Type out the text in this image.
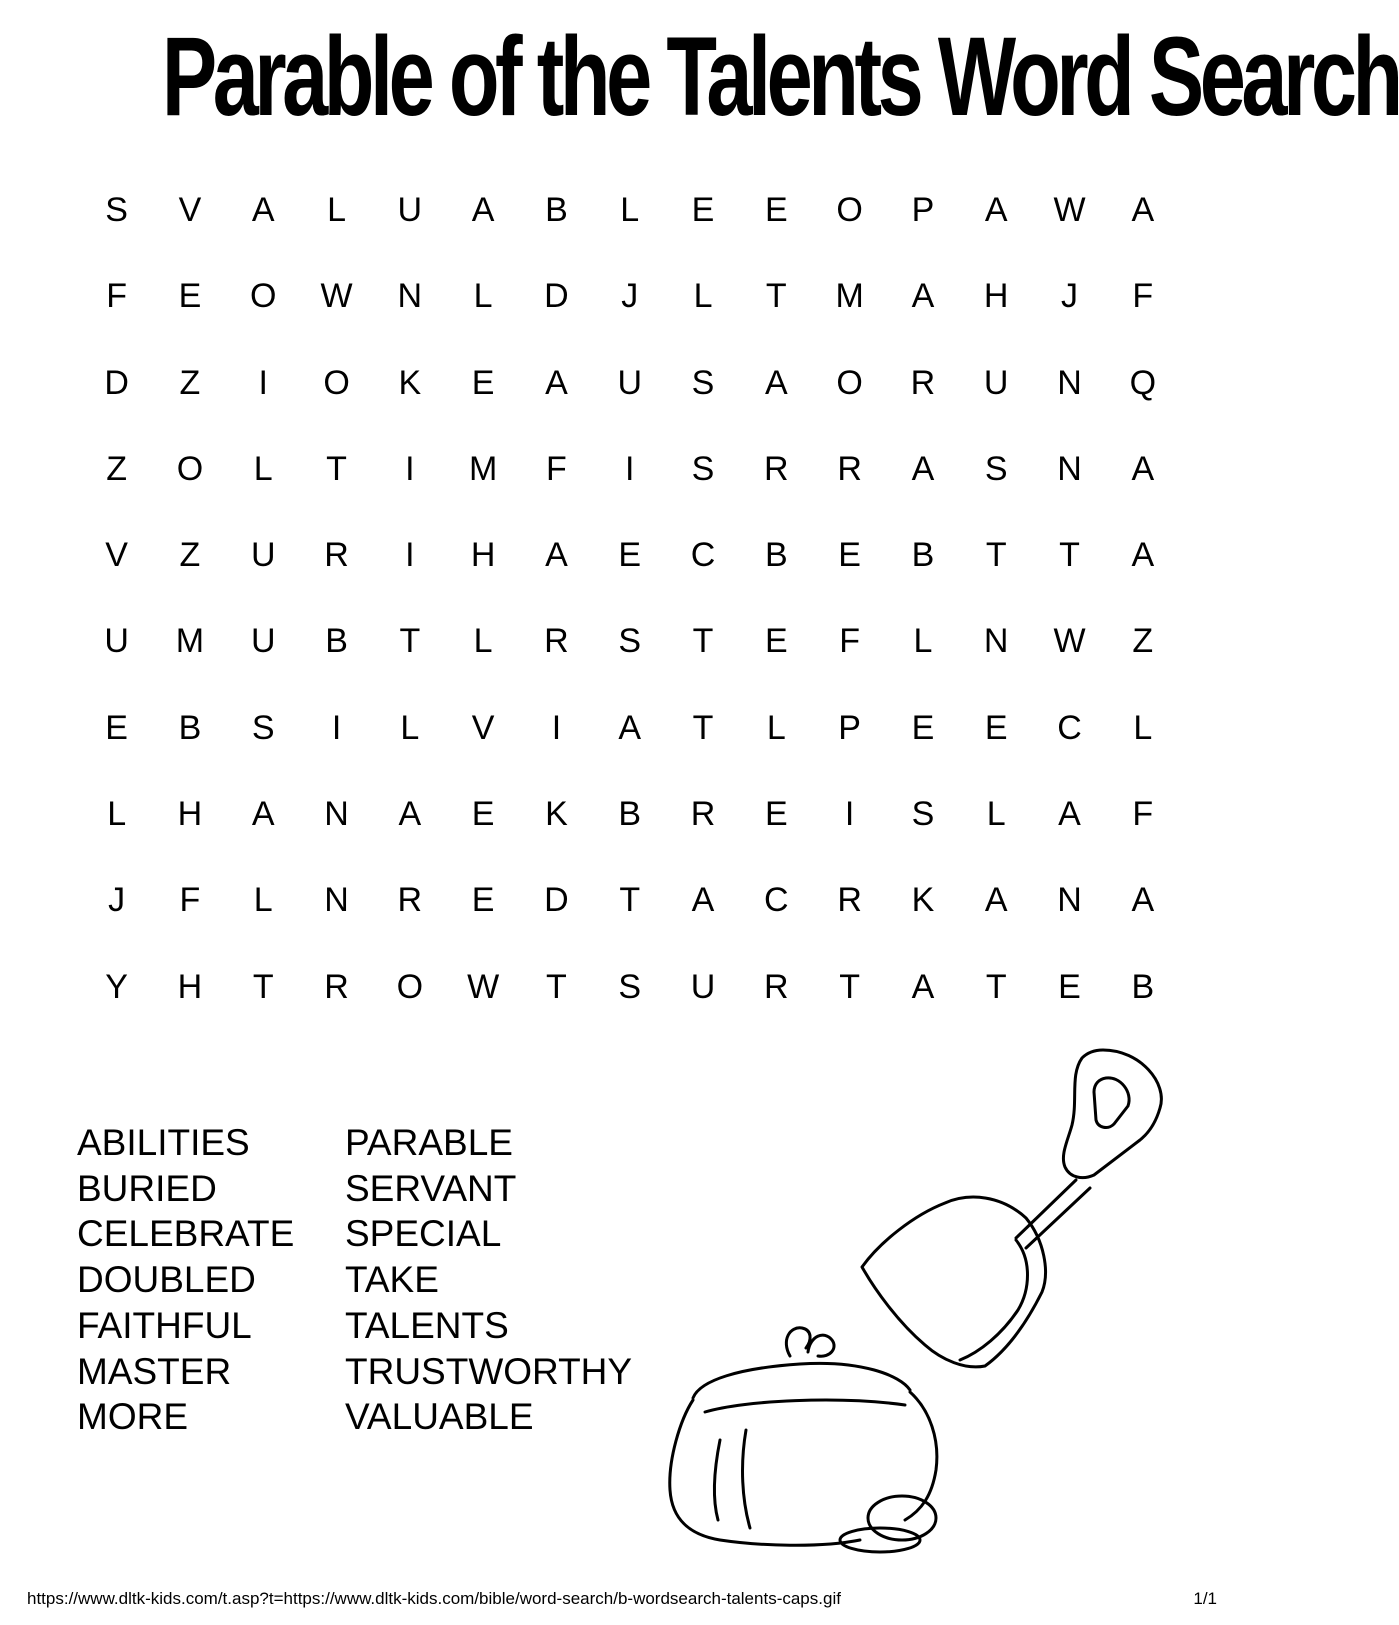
Parable of the Talents Word Search
S	V	A	L	U	A	B	L	E	E	O	P	A	W	A
F	E	O	W	N	L	D	J	L	T	M	A	H	J	F
D	Z	I	O	K	E	A	U	S	A	O	R	U	N	Q
Z	O	L	T	I	M	F	I	S	R	R	A	S	N	A
V	Z	U	R	I	H	A	E	C	B	E	B	T	T	A
U	M	U	B	T	L	R	S	T	E	F	L	N	W	Z
E	B	S	I	L	V	I	A	T	L	P	E	E	C	L
L	H	A	N	A	E	K	B	R	E	I	S	L	A	F
J	F	L	N	R	E	D	T	A	C	R	K	A	N	A
Y	H	T	R	O	W	T	S	U	R	T	A	T	E	B
ABILITIES
BURIED
CELEBRATE
DOUBLED
FAITHFUL
MASTER
MORE
PARABLE
SERVANT
SPECIAL
TAKE
TALENTS
TRUSTWORTHY
VALUABLE
https://www.dltk-kids.com/t.asp?t=https://www.dltk-kids.com/bible/word-search/b-wordsearch-talents-caps.gif	1/1
